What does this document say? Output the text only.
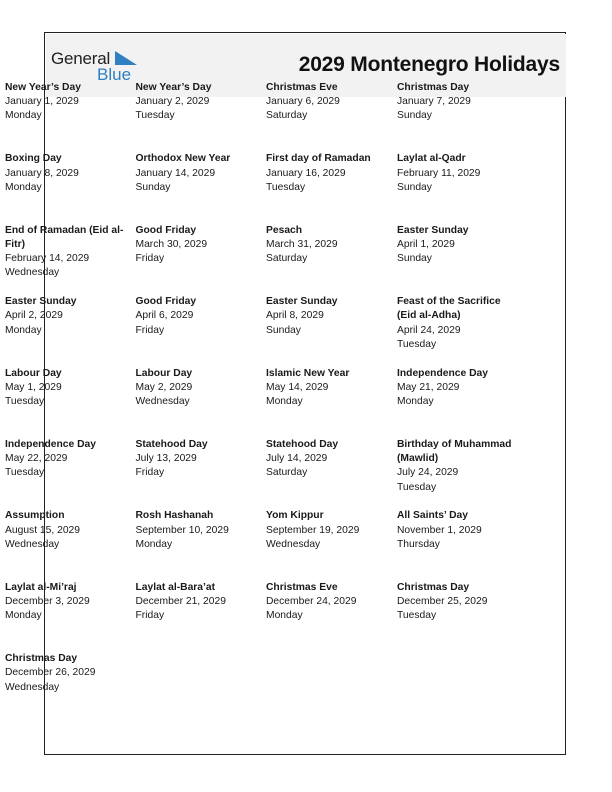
General
Blue	2029 Montenegro Holidays
New Year’s Day
January 1, 2029
Monday
New Year’s Day
January 2, 2029
Tuesday
Christmas Eve
January 6, 2029
Saturday
Christmas Day
January 7, 2029
Sunday
Boxing Day
January 8, 2029
Monday
Orthodox New Year
January 14, 2029
Sunday
First day of Ramadan
January 16, 2029
Tuesday
Laylat al-Qadr
February 11, 2029
Sunday
End of Ramadan (Eid al-Fitr)
February 14, 2029
Wednesday
Good Friday
March 30, 2029
Friday
Pesach
March 31, 2029
Saturday
Easter Sunday
April 1, 2029
Sunday
Easter Sunday
April 2, 2029
Monday
Good Friday
April 6, 2029
Friday
Easter Sunday
April 8, 2029
Sunday
Feast of the Sacrifice (Eid al-Adha)
April 24, 2029
Tuesday
Labour Day
May 1, 2029
Tuesday
Labour Day
May 2, 2029
Wednesday
Islamic New Year
May 14, 2029
Monday
Independence Day
May 21, 2029
Monday
Independence Day
May 22, 2029
Tuesday
Statehood Day
July 13, 2029
Friday
Statehood Day
July 14, 2029
Saturday
Birthday of Muhammad (Mawlid)
July 24, 2029
Tuesday
Assumption
August 15, 2029
Wednesday
Rosh Hashanah
September 10, 2029
Monday
Yom Kippur
September 19, 2029
Wednesday
All Saints’ Day
November 1, 2029
Thursday
Laylat al-Mi’raj
December 3, 2029
Monday
Laylat al-Bara’at
December 21, 2029
Friday
Christmas Eve
December 24, 2029
Monday
Christmas Day
December 25, 2029
Tuesday
Christmas Day
December 26, 2029
Wednesday
